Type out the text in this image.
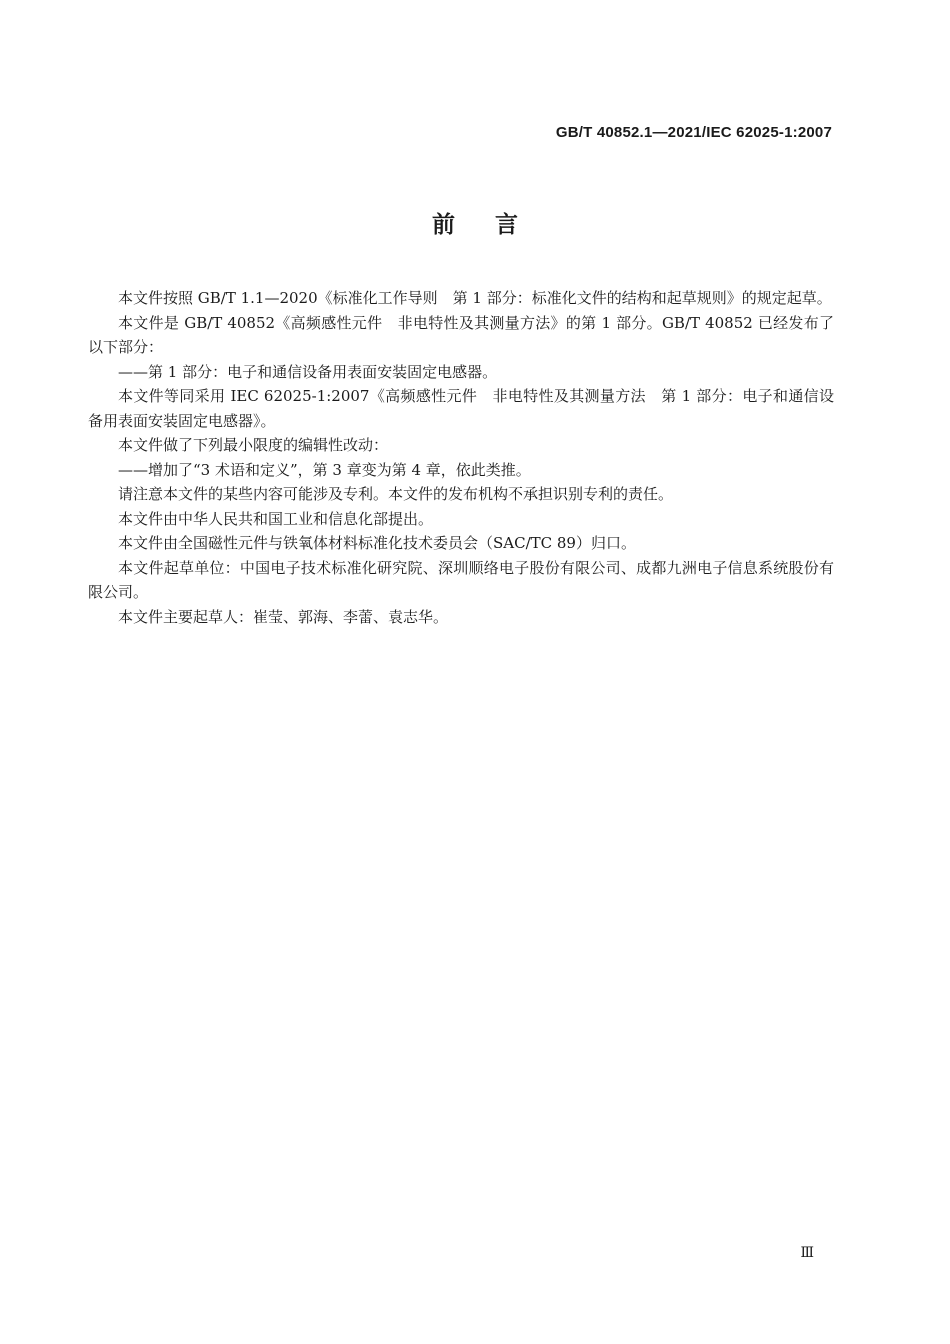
GB/T 40852.1—2021/IEC 62025-1:2007
前言

本文件按照 GB/T 1.1—2020《标准化工作导则　第 1 部分：标准化文件的结构和起草规则》的规定起草。

本文件是 GB/T 40852《高频感性元件　非电特性及其测量方法》的第 1 部分。GB/T 40852 已经发布了以下部分：

——第 1 部分：电子和通信设备用表面安装固定电感器。

本文件等同采用 IEC 62025-1:2007《高频感性元件　非电特性及其测量方法　第 1 部分：电子和通信设备用表面安装固定电感器》。

本文件做了下列最小限度的编辑性改动：

——增加了“3 术语和定义”，第 3 章变为第 4 章，依此类推。

请注意本文件的某些内容可能涉及专利。本文件的发布机构不承担识别专利的责任。

本文件由中华人民共和国工业和信息化部提出。

本文件由全国磁性元件与铁氧体材料标准化技术委员会（SAC/TC 89）归口。

本文件起草单位：中国电子技术标准化研究院、深圳顺络电子股份有限公司、成都九洲电子信息系统股份有限公司。

本文件主要起草人：崔莹、郭海、李蕾、袁志华。

Ⅲ
